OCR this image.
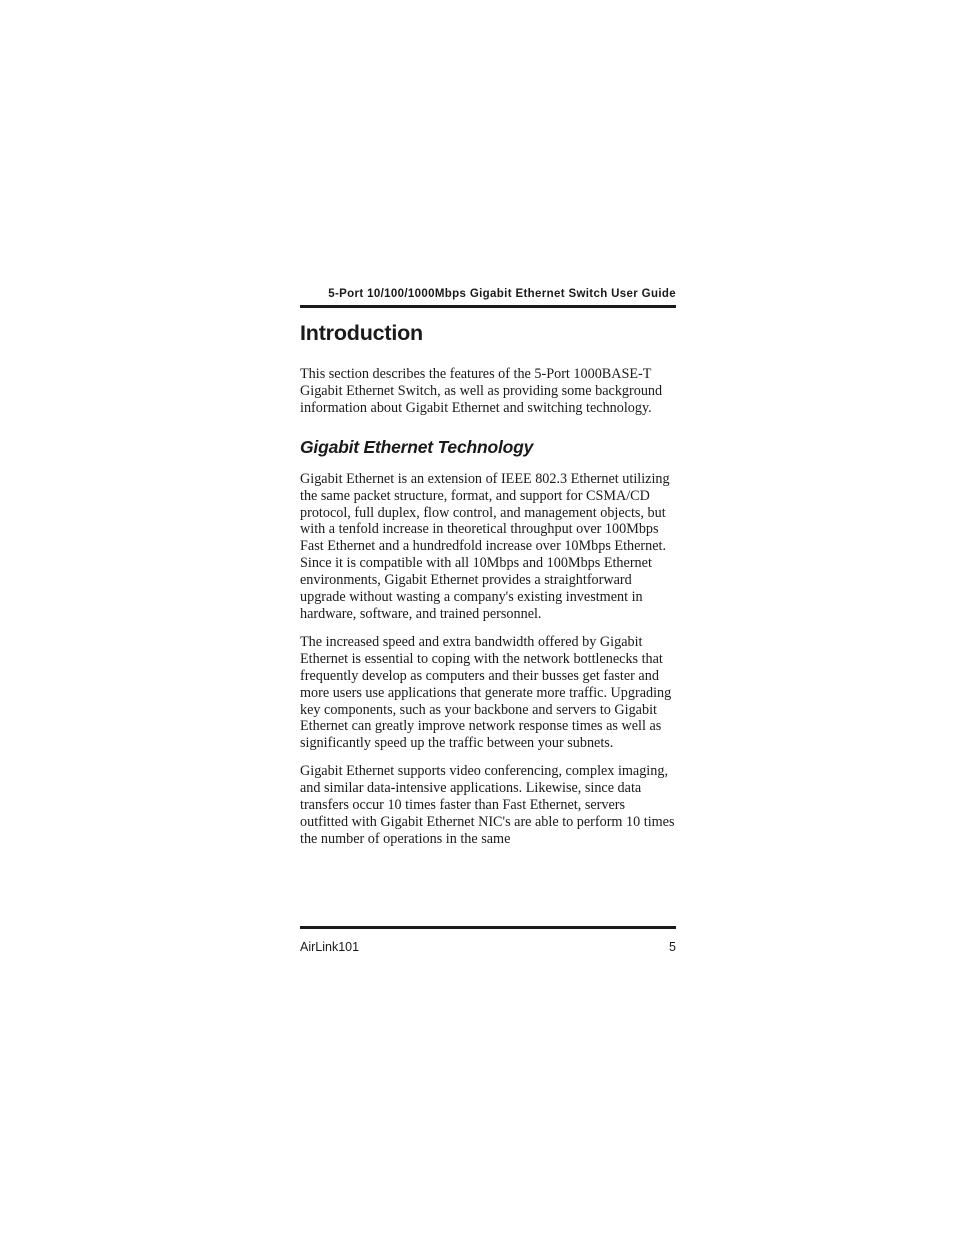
5-Port 10/100/1000Mbps Gigabit Ethernet Switch User Guide
Introduction

This section describes the features of the 5-Port 1000BASE-T Gigabit Ethernet Switch, as well as providing some background information about Gigabit Ethernet and switching technology.

Gigabit Ethernet Technology

Gigabit Ethernet is an extension of IEEE 802.3 Ethernet utilizing the same packet structure, format, and support for CSMA/CD protocol, full duplex, flow control, and management objects, but with a tenfold increase in theoretical throughput over 100Mbps Fast Ethernet and a hundredfold increase over 10Mbps Ethernet. Since it is compatible with all 10Mbps and 100Mbps Ethernet environments, Gigabit Ethernet provides a straightforward upgrade without wasting a company's existing investment in hardware, software, and trained personnel.

The increased speed and extra bandwidth offered by Gigabit Ethernet is essential to coping with the network bottlenecks that frequently develop as computers and their busses get faster and more users use applications that generate more traffic. Upgrading key components, such as your backbone and servers to Gigabit Ethernet can greatly improve network response times as well as significantly speed up the traffic between your subnets.

Gigabit Ethernet supports video conferencing, complex imaging, and similar data-intensive applications. Likewise, since data transfers occur 10 times faster than Fast Ethernet, servers outfitted with Gigabit Ethernet NIC's are able to perform 10 times the number of operations in the same

AirLink101	5
